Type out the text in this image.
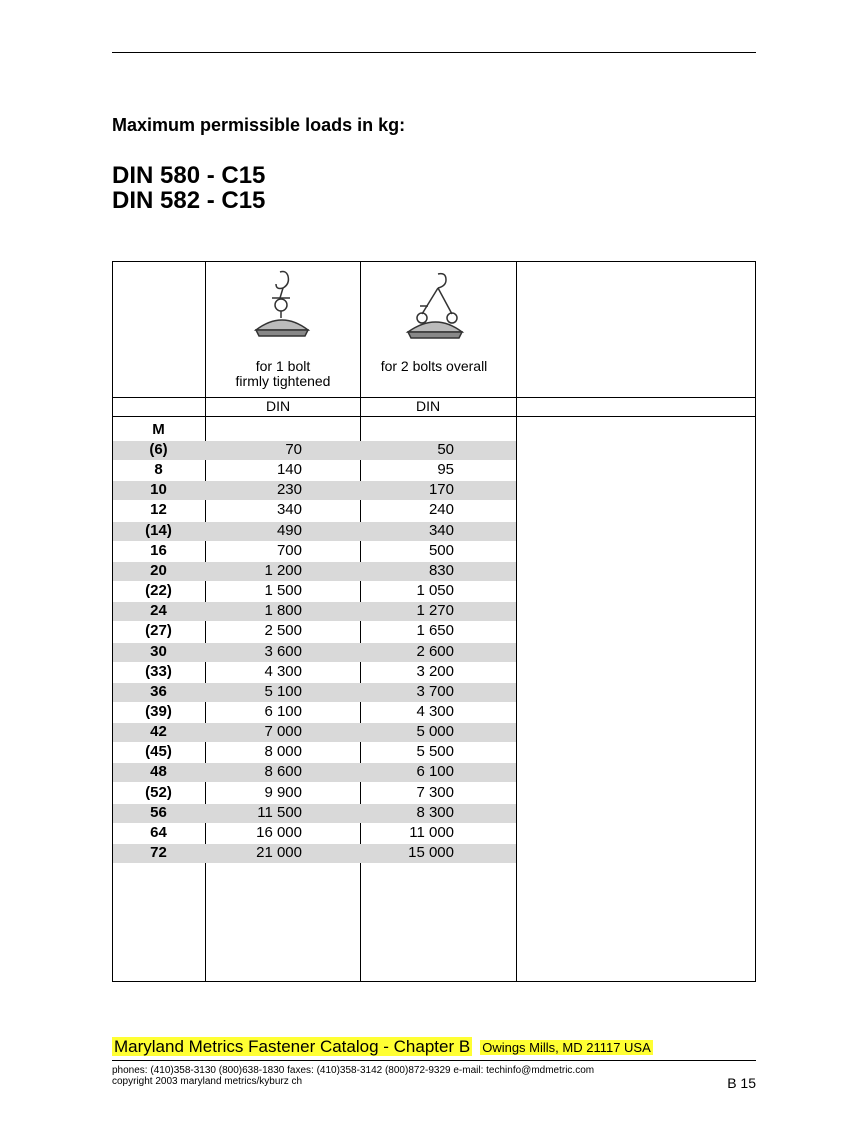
Maximum permissible loads in kg:
DIN 580 - C15
DIN 582 - C15
for 1 bolt
firmly tightened
for 2 bolts overall
DIN	DIN
M
(6)	70	50
8	140	95
10	230	170
12	340	240
(14)	490	340
16	700	500
20	1 200	830
(22)	1 500	1 050
24	1 800	1 270
(27)	2 500	1 650
30	3 600	2 600
(33)	4 300	3 200
36	5 100	3 700
(39)	6 100	4 300
42	7 000	5 000
(45)	8 000	5 500
48	8 600	6 100
(52)	9 900	7 300
56	11 500	8 300
64	16 000	11 000
72	21 000	15 000
Maryland Metrics Fastener Catalog - Chapter B Owings Mills, MD 21117 USA
phones: (410)358-3130 (800)638-1830 faxes: (410)358-3142 (800)872-9329 e-mail: techinfo@mdmetric.com
copyright 2003 maryland metrics/kyburz ch	B 15
